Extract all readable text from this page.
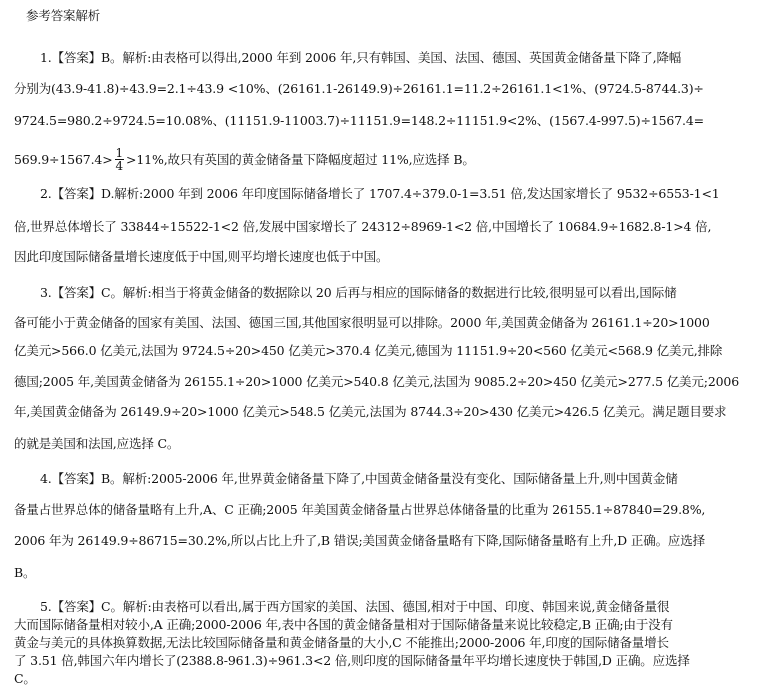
参考答案解析
1.【答案】B。解析:由表格可以得出,2000 年到 2006 年,只有韩国、美国、法国、德国、英国黄金储备量下降了,降幅
分别为(43.9-41.8)÷43.9=2.1÷43.9 <10%、(26161.1-26149.9)÷26161.1=11.2÷26161.1<1%、(9724.5-8744.3)÷
9724.5=980.2÷9724.5=10.08%、(11151.9-11003.7)÷11151.9=148.2÷11151.9<2%、(1567.4-997.5)÷1567.4=
$569.9\div 1567.4> \frac{1}{4} >11\%$,故只有英国的黄金储备量下降幅度超过 11%,应选择 B。
2.【答案】D.解析:2000 年到 2006 年印度国际储备增长了 1707.4÷379.0-1=3.51 倍,发达国家增长了 9532÷6553-1<1
倍,世界总体增长了 33844÷15522-1<2 倍,发展中国家增长了 24312÷8969-1<2 倍,中国增长了 10684.9÷1682.8-1>4 倍,
因此印度国际储备量增长速度低于中国,则平均增长速度也低于中国。
3.【答案】C。解析:相当于将黄金储备的数据除以 20 后再与相应的国际储备的数据进行比较,很明显可以看出,国际储
备可能小于黄金储备的国家有美国、法国、德国三国,其他国家很明显可以排除。2000 年,美国黄金储备为 26161.1÷20>1000
亿美元>566.0 亿美元,法国为 9724.5÷20>450 亿美元>370.4 亿美元,德国为 11151.9÷20<560 亿美元<568.9 亿美元,排除
德国;2005 年,美国黄金储备为 26155.1÷20>1000 亿美元>540.8 亿美元,法国为 9085.2÷20>450 亿美元>277.5 亿美元;2006
年,美国黄金储备为 26149.9÷20>1000 亿美元>548.5 亿美元,法国为 8744.3÷20>430 亿美元>426.5 亿美元。满足题目要求
的就是美国和法国,应选择 C。
4.【答案】B。解析:2005-2006 年,世界黄金储备量下降了,中国黄金储备量没有变化、国际储备量上升,则中国黄金储
备量占世界总体的储备量略有上升,A、C 正确;2005 年美国黄金储备量占世界总体储备量的比重为 26155.1÷87840=29.8%,
2006 年为 26149.9÷86715=30.2%,所以占比上升了,B 错误;美国黄金储备量略有下降,国际储备量略有上升,D 正确。应选择
B。
5.【答案】C。解析:由表格可以看出,属于西方国家的美国、法国、德国,相对于中国、印度、韩国来说,黄金储备量很
大而国际储备量相对较小,A 正确;2000-2006 年,表中各国的黄金储备量相对于国际储备量来说比较稳定,B 正确;由于没有
黄金与美元的具体换算数据,无法比较国际储备量和黄金储备量的大小,C 不能推出;2000-2006 年,印度的国际储备量增长
了 3.51 倍,韩国六年内增长了(2388.8-961.3)÷961.3<2 倍,则印度的国际储备量年平均增长速度快于韩国,D 正确。应选择
C。
